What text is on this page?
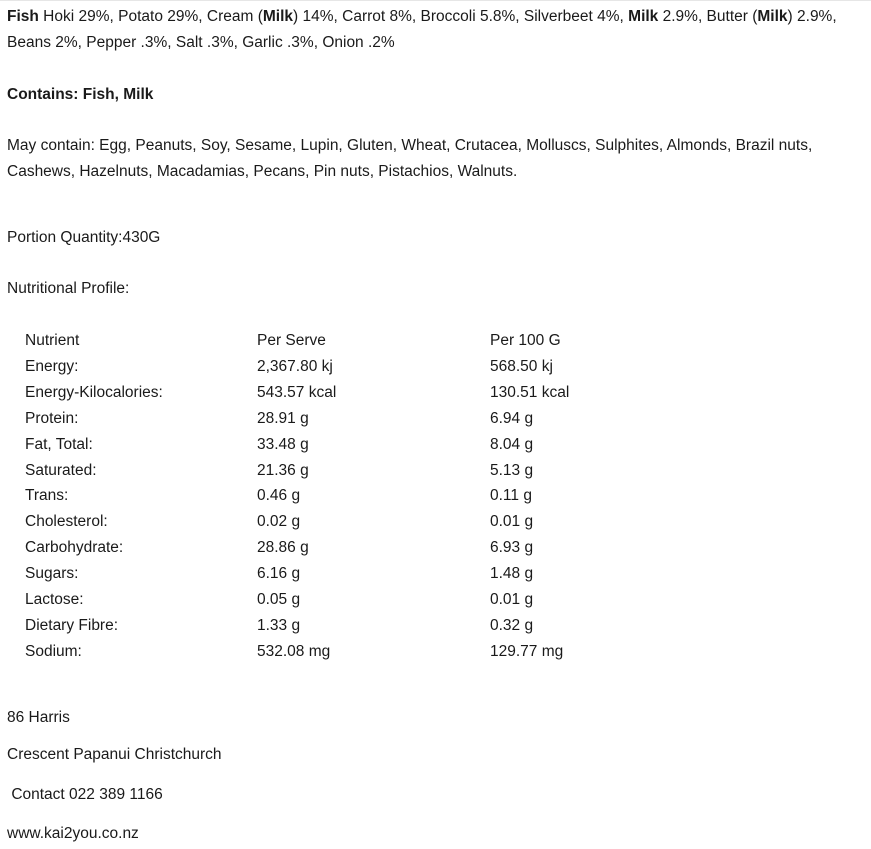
Fish Hoki 29%, Potato 29%, Cream (Milk) 14%, Carrot 8%, Broccoli 5.8%, Silverbeet 4%, Milk 2.9%, Butter (Milk) 2.9%, Beans 2%, Pepper .3%, Salt .3%, Garlic .3%, Onion .2%
Contains: Fish, Milk
May contain: Egg, Peanuts, Soy, Sesame, Lupin, Gluten, Wheat, Crutacea, Molluscs, Sulphites, Almonds, Brazil nuts, Cashews, Hazelnuts, Macadamias, Pecans, Pin nuts, Pistachios, Walnuts.
Portion Quantity:430G
Nutritional Profile:
Nutrient	Per Serve	Per 100 G
Energy:	2,367.80 kj	568.50 kj
Energy-Kilocalories:	543.57 kcal	130.51 kcal
Protein:	28.91 g	6.94 g
Fat, Total:	33.48 g	8.04 g
Saturated:	21.36 g	5.13 g
Trans:	0.46 g	0.11 g
Cholesterol:	0.02 g	0.01 g
Carbohydrate:	28.86 g	6.93 g
Sugars:	6.16 g	1.48 g
Lactose:	0.05 g	0.01 g
Dietary Fibre:	1.33 g	0.32 g
Sodium:	532.08 mg	129.77 mg
86 Harris
Crescent Papanui Christchurch
Contact 022 389 1166
www.kai2you.co.nz
